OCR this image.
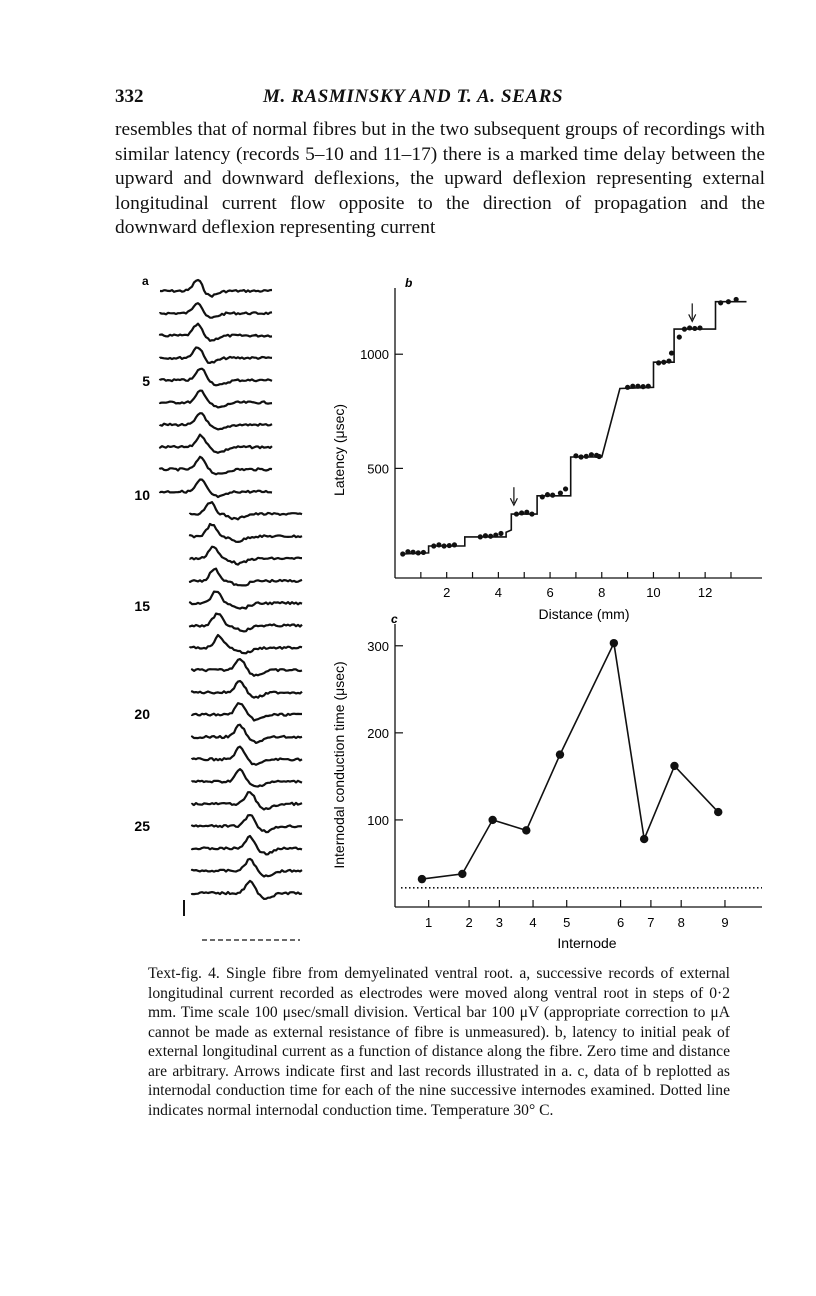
332	M. RASMINSKY AND T. A. SEARS

resembles that of normal fibres but in the two subsequent groups of recordings with similar latency (records 5–10 and 11–17) there is a marked time delay between the upward and downward deflexions, the upward deflexion representing external longitudinal current flow opposite to the direction of propagation and the downward deflexion representing current

a
5
10
15
20
25
b
2	4	6	8	10	12
500
1000
Distance (mm)
Latency (μsec)
c
100
200
300
1	2 3 4 5	6 7 8	9
Internode
Internodal conduction time (μsec)

Text-fig. 4. Single fibre from demyelinated ventral root. a, successive records of external longitudinal current recorded as electrodes were moved along ventral root in steps of 0·2 mm. Time scale 100 μsec/small division. Vertical bar 100 μV (appropriate correction to μA cannot be made as external resistance of fibre is unmeasured). b, latency to initial peak of external longitudinal current as a function of distance along the fibre. Zero time and distance are arbitrary. Arrows indicate first and last records illustrated in a. c, data of b replotted as internodal conduction time for each of the nine successive internodes examined. Dotted line indicates normal internodal conduction time. Temperature 30° C.
